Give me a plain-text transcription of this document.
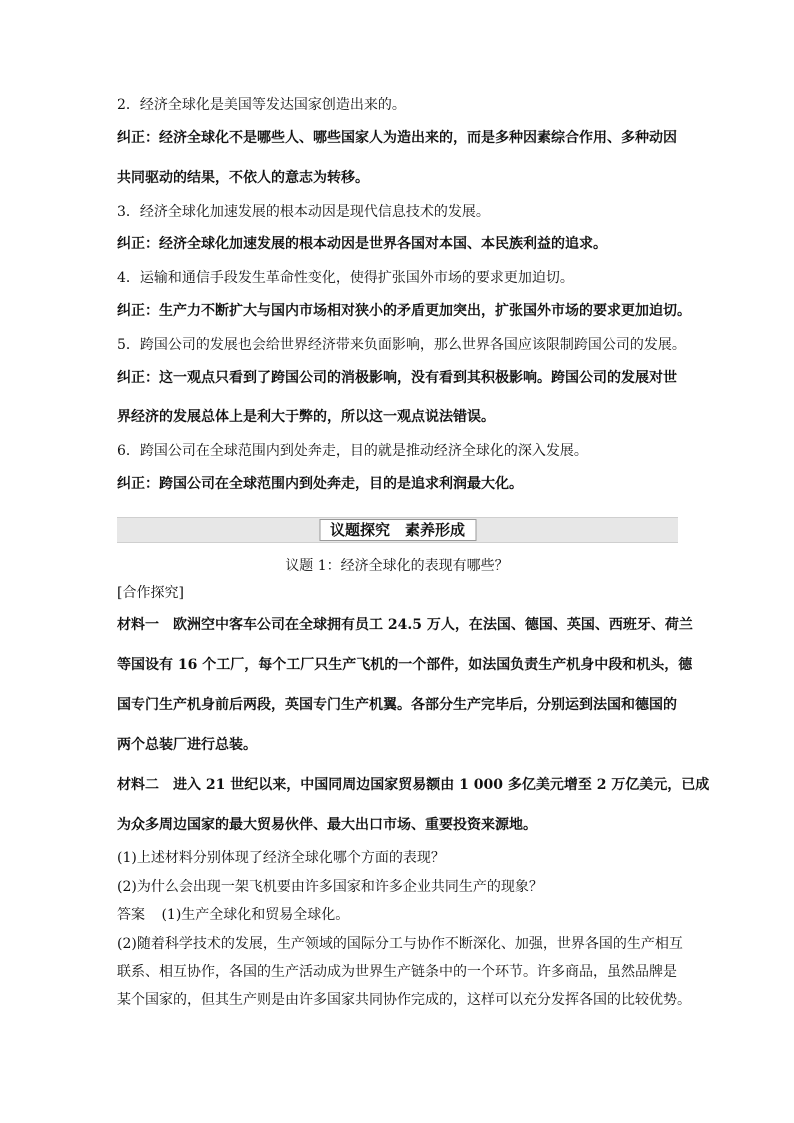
2．经济全球化是美国等发达国家创造出来的。
纠正：经济全球化不是哪些人、哪些国家人为造出来的，而是多种因素综合作用、多种动因
共同驱动的结果，不依人的意志为转移。
3．经济全球化加速发展的根本动因是现代信息技术的发展。
纠正：经济全球化加速发展的根本动因是世界各国对本国、本民族利益的追求。
4．运输和通信手段发生革命性变化，使得扩张国外市场的要求更加迫切。
纠正：生产力不断扩大与国内市场相对狭小的矛盾更加突出，扩张国外市场的要求更加迫切。
5．跨国公司的发展也会给世界经济带来负面影响，那么世界各国应该限制跨国公司的发展。
纠正：这一观点只看到了跨国公司的消极影响，没有看到其积极影响。跨国公司的发展对世
界经济的发展总体上是利大于弊的，所以这一观点说法错误。
6．跨国公司在全球范围内到处奔走，目的就是推动经济全球化的深入发展。
纠正：跨国公司在全球范围内到处奔走，目的是追求利润最大化。
议题探究　素养形成
议题 1：经济全球化的表现有哪些？
[合作探究]
材料一　欧洲空中客车公司在全球拥有员工 24.5 万人，在法国、德国、英国、西班牙、荷兰
等国设有 16 个工厂，每个工厂只生产飞机的一个部件，如法国负责生产机身中段和机头，德
国专门生产机身前后两段，英国专门生产机翼。各部分生产完毕后，分别运到法国和德国的
两个总装厂进行总装。
材料二　进入 21 世纪以来，中国同周边国家贸易额由 1 000 多亿美元增至 2 万亿美元，已成
为众多周边国家的最大贸易伙伴、最大出口市场、重要投资来源地。
(1)上述材料分别体现了经济全球化哪个方面的表现？
(2)为什么会出现一架飞机要由许多国家和许多企业共同生产的现象？
答案 (1)生产全球化和贸易全球化。
(2)随着科学技术的发展，生产领域的国际分工与协作不断深化、加强，世界各国的生产相互
联系、相互协作，各国的生产活动成为世界生产链条中的一个环节。许多商品，虽然品牌是
某个国家的，但其生产则是由许多国家共同协作完成的，这样可以充分发挥各国的比较优势。
